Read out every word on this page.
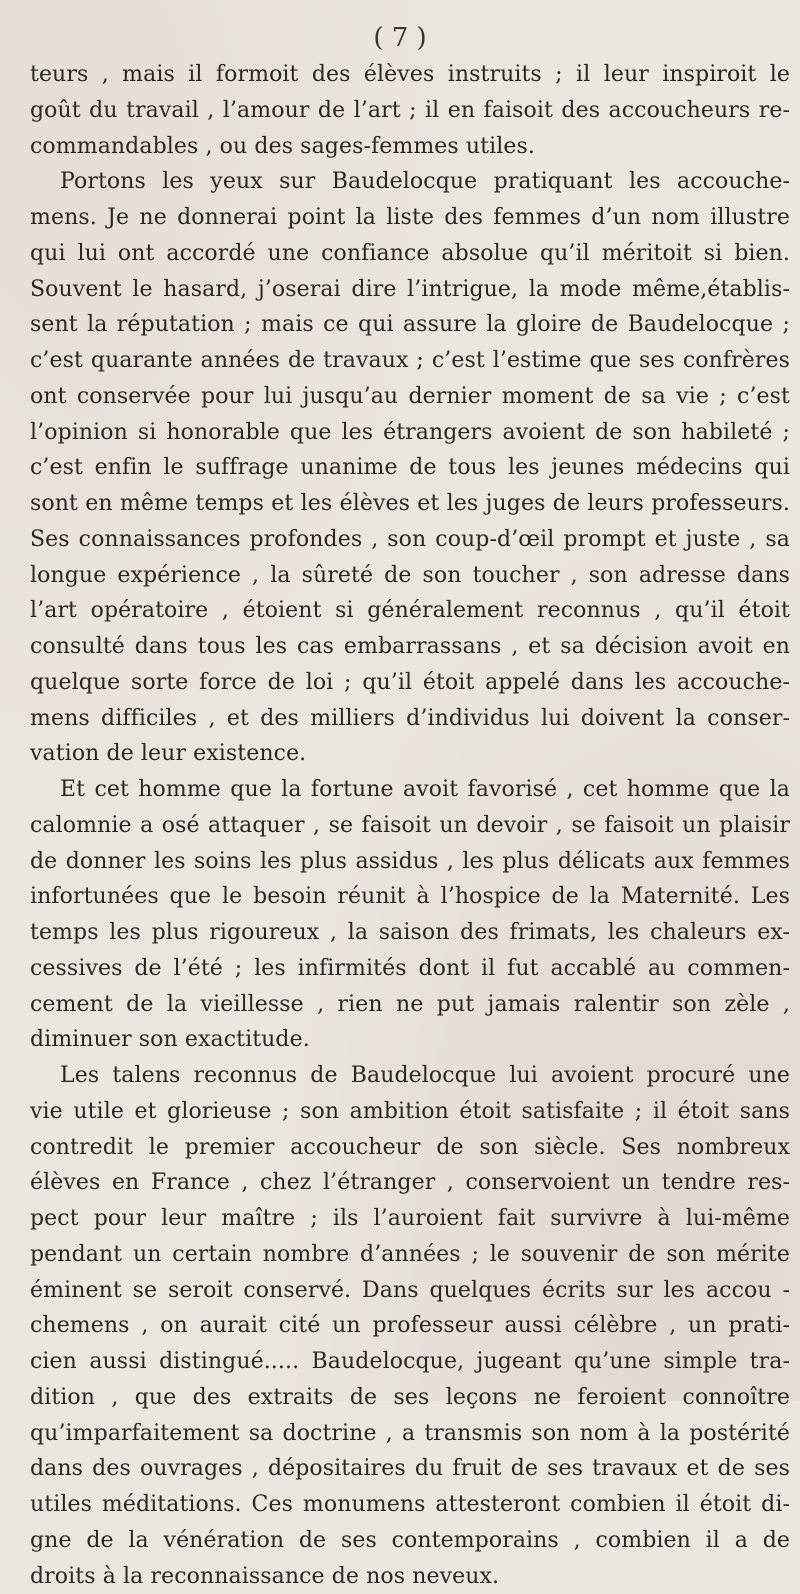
( 7 )
teurs , mais il formoit des élèves instruits ; il leur inspiroit le
goût du travail , l’amour de l’art ; il en faisoit des accoucheurs re-
commandables , ou des sages-femmes utiles.
Portons les yeux sur Baudelocque pratiquant les accouche-
mens. Je ne donnerai point la liste des femmes d’un nom illustre
qui lui ont accordé une confiance absolue qu’il méritoit si bien.
Souvent le hasard, j’oserai dire l’intrigue, la mode même,établis-
sent la réputation ; mais ce qui assure la gloire de Baudelocque ;
c’est quarante années de travaux ; c’est l’estime que ses confrères
ont conservée pour lui jusqu’au dernier moment de sa vie ; c’est
l’opinion si honorable que les étrangers avoient de son habileté ;
c’est enfin le suffrage unanime de tous les jeunes médecins qui
sont en même temps et les élèves et les juges de leurs professeurs.
Ses connaissances profondes , son coup-d’œil prompt et juste , sa
longue expérience , la sûreté de son toucher , son adresse dans
l’art opératoire , étoient si généralement reconnus , qu’il étoit
consulté dans tous les cas embarrassans , et sa décision avoit en
quelque sorte force de loi ; qu’il étoit appelé dans les accouche-
mens difficiles , et des milliers d’individus lui doivent la conser-
vation de leur existence.
Et cet homme que la fortune avoit favorisé , cet homme que la
calomnie a osé attaquer , se faisoit un devoir , se faisoit un plaisir
de donner les soins les plus assidus , les plus délicats aux femmes
infortunées que le besoin réunit à l’hospice de la Maternité. Les
temps les plus rigoureux , la saison des frimats, les chaleurs ex-
cessives de l’été ; les infirmités dont il fut accablé au commen-
cement de la vieillesse , rien ne put jamais ralentir son zèle ,
diminuer son exactitude.
Les talens reconnus de Baudelocque lui avoient procuré une
vie utile et glorieuse ; son ambition étoit satisfaite ; il étoit sans
contredit le premier accoucheur de son siècle. Ses nombreux
élèves en France , chez l’étranger , conservoient un tendre res-
pect pour leur maître ; ils l’auroient fait survivre à lui-même
pendant un certain nombre d’années ; le souvenir de son mérite
éminent se seroit conservé. Dans quelques écrits sur les accou -
chemens , on aurait cité un professeur aussi célèbre , un prati-
cien aussi distingué..... Baudelocque, jugeant qu’une simple tra-
dition , que des extraits de ses leçons ne feroient connoître
qu’imparfaitement sa doctrine , a transmis son nom à la postérité
dans des ouvrages , dépositaires du fruit de ses travaux et de ses
utiles méditations. Ces monumens attesteront combien il étoit di-
gne de la vénération de ses contemporains , combien il a de
droits à la reconnaissance de nos neveux.
